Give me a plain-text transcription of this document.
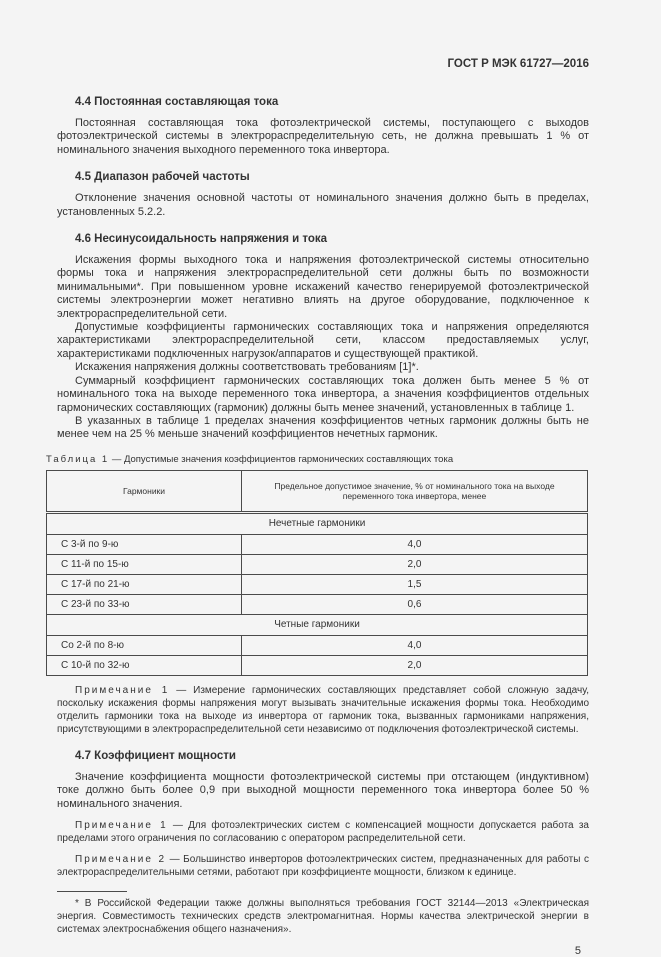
ГОСТ Р МЭК 61727—2016
4.4 Постоянная составляющая тока

Постоянная составляющая тока фотоэлектрической системы, поступающего с выходов фотоэлектрической системы в электрораспределительную сеть, не должна превышать 1 % от номинального значения выходного переменного тока инвертора.

4.5 Диапазон рабочей частоты

Отклонение значения основной частоты от номинального значения должно быть в пределах, установленных 5.2.2.

4.6 Несинусоидальность напряжения и тока

Искажения формы выходного тока и напряжения фотоэлектрической системы относительно формы тока и напряжения электрораспределительной сети должны быть по возможности минимальными*. При повышенном уровне искажений качество генерируемой фотоэлектрической системы электроэнергии может негативно влиять на другое оборудование, подключенное к электрораспределительной сети.

Допустимые коэффициенты гармонических составляющих тока и напряжения определяются характеристиками электрораспределительной сети, классом предоставляемых услуг, характеристиками подключенных нагрузок/аппаратов и существующей практикой.

Искажения напряжения должны соответствовать требованиям [1]*.

Суммарный коэффициент гармонических составляющих тока должен быть менее 5 % от номинального тока на выходе переменного тока инвертора, а значения коэффициентов отдельных гармонических составляющих (гармоник) должны быть менее значений, установленных в таблице 1.

В указанных в таблице 1 пределах значения коэффициентов четных гармоник должны быть не менее чем на 25 % меньше значений коэффициентов нечетных гармоник.

Таблица 1 — Допустимые значения коэффициентов гармонических составляющих тока
Гармоники	Предельное допустимое значение, % от номинального тока на выходе переменного тока инвертора, менее
Нечетные гармоники	
С 3-й по 9-ю	4,0
С 11-й по 15-ю	2,0
С 17-й по 21-ю	1,5
С 23-й по 33-ю	0,6
Четные гармоники	
Со 2-й по 8-ю	4,0
С 10-й по 32-ю	2,0

Примечание 1 — Измерение гармонических составляющих представляет собой сложную задачу, поскольку искажения формы напряжения могут вызывать значительные искажения формы тока. Необходимо отделить гармоники тока на выходе из инвертора от гармоник тока, вызванных гармониками напряжения, присутствующими в электрораспределительной сети независимо от подключения фотоэлектрической системы.

4.7 Коэффициент мощности

Значение коэффициента мощности фотоэлектрической системы при отстающем (индуктивном) токе должно быть более 0,9 при выходной мощности переменного тока инвертора более 50 % номинального значения.

Примечание 1 — Для фотоэлектрических систем с компенсацией мощности допускается работа за пределами этого ограничения по согласованию с оператором распределительной сети.

Примечание 2 — Большинство инверторов фотоэлектрических систем, предназначенных для работы с электрораспределительными сетями, работают при коэффициенте мощности, близком к единице.

* В Российской Федерации также должны выполняться требования ГОСТ 32144—2013 «Электрическая энергия. Совместимость технических средств электромагнитная. Нормы качества электрической энергии в системах электроснабжения общего назначения».

5
